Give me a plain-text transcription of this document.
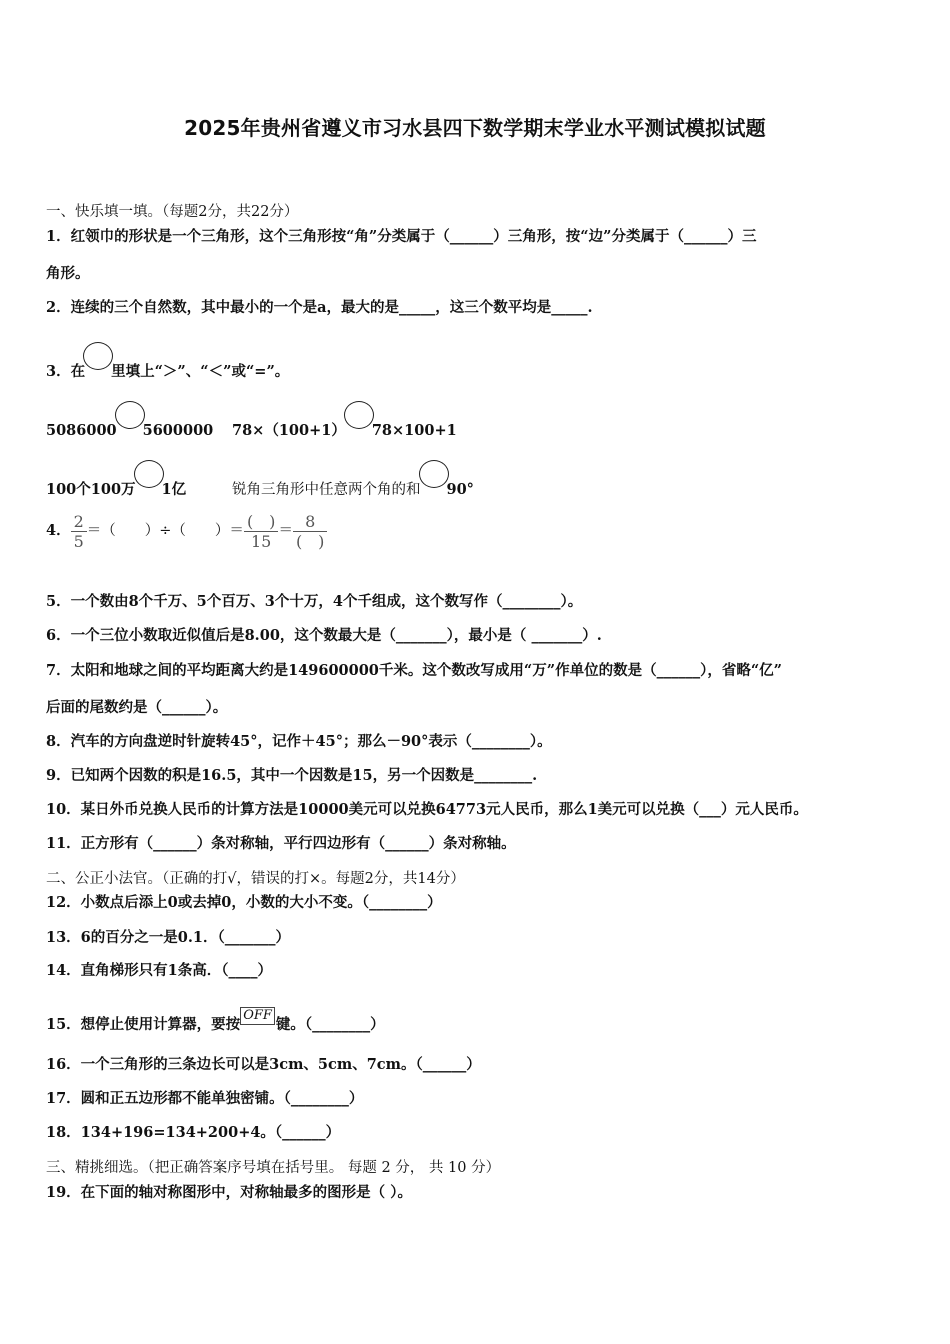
2025年贵州省遵义市习水县四下数学期末学业水平测试模拟试题
一、快乐填一填。（每题2分，共22分）
1．红领巾的形状是一个三角形，这个三角形按“角”分类属于（______）三角形，按“边”分类属于（______）三
角形。
2．连续的三个自然数，其中最小的一个是a，最大的是_____，这三个数平均是_____.
3．在 里填上“＞”、“＜”或“=”。
5086000 5600000 78×（100+1） 78×100+1
100个100万 1亿	锐角三角形中任意两个角的和 90°
4． $\frac{2}{5}$ ＝（　　）÷（　　）＝ $\frac{( )}{15} = \frac{8}{( )}$
5．一个数由8个千万、5个百万、3个十万，4个千组成，这个数写作（________）。
6．一个三位小数取近似值后是8.00，这个数最大是（_______），最小是（ _______）.
7．太阳和地球之间的平均距离大约是149600000千米。这个数改写成用“万”作单位的数是（______），省略“亿”
后面的尾数约是（______）。
8．汽车的方向盘逆时针旋转45°，记作＋45°；那么－90°表示（________）。
9．已知两个因数的积是16.5，其中一个因数是15，另一个因数是________.
10．某日外币兑换人民币的计算方法是10000美元可以兑换64773元人民币，那么1美元可以兑换（___）元人民币。
11．正方形有（______）条对称轴，平行四边形有（______）条对称轴。
二、公正小法官。（正确的打√，错误的打×。每题2分，共14分）
12．小数点后添上0或去掉0，小数的大小不变。（________）
13．6的百分之一是0.1．（_______）
14．直角梯形只有1条高．（____）
15．想停止使用计算器，要按OFF键。（________）
16．一个三角形的三条边长可以是3cm、5cm、7cm。（______）
17．圆和正五边形都不能单独密铺。（________）
18．134+196=134+200+4。（______）
三、精挑细选。（把正确答案序号填在括号里。 每题 2 分， 共 10 分）
19．在下面的轴对称图形中，对称轴最多的图形是（ ）。
